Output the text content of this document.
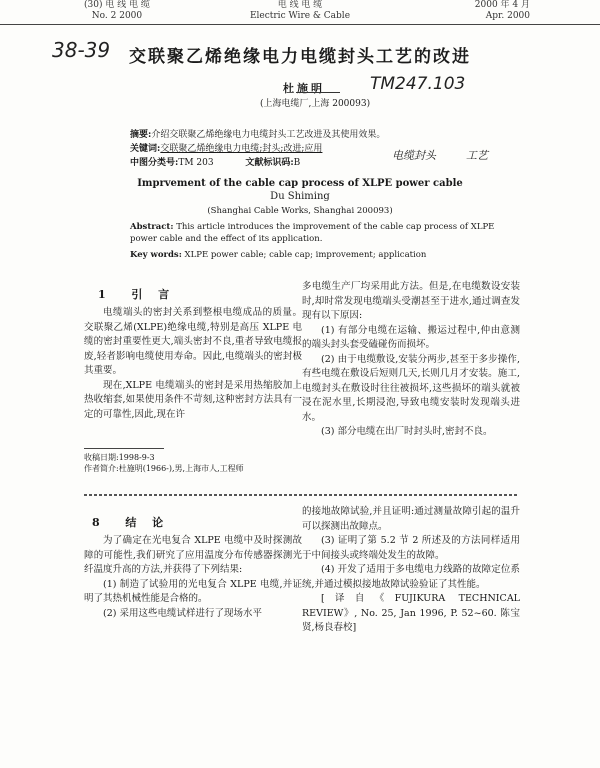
(30) 电 线 电 缆
No. 2 2000
电 线 电 缆
Electric Wire & Cable
2000 年 4 月
Apr. 2000
38-39
TM247.103
电缆封头	工艺
交联聚乙烯绝缘电力电缆封头工艺的改进
杜施明
(上海电缆厂,上海 200093)
摘要:介绍交联聚乙烯绝缘电力电缆封头工艺改进及其使用效果。
关键词:交联聚乙烯绝缘电力电缆;封头;改进;应用
中图分类号:TM 203	文献标识码:B
Imprvement of the cable cap process of XLPE power cable
Du Shiming
(Shanghai Cable Works, Shanghai 200093)
Abstract: This article introduces the improvement of the cable cap process of XLPE power cable and the effect of its application.
Key words: XLPE power cable; cable cap; improvement; application
1 引 言

电缆端头的密封关系到整根电缆成品的质量。交联聚乙烯(XLPE)绝缘电缆,特别是高压 XLPE 电缆的密封重要性更大,端头密封不良,重者导致电缆报废,轻者影响电缆使用寿命。因此,电缆端头的密封极其重要。

现在,XLPE 电缆端头的密封是采用热缩胶加上热收缩套,如果使用条件不苛刻,这种密封方法具有一定的可靠性,因此,现在许

收稿日期:1998-9-3
作者简介:杜施明(1966-),男,上海市人,工程师

多电缆生产厂均采用此方法。但是,在电缆数设安装时,却时常发现电缆端头受潮甚至于进水,通过调查发现有以下原因:

(1) 有部分电缆在运输、搬运过程中,仲由意测的端头封头套受磕碰伤而损坏。

(2) 由于电缆敷设,安装分两步,甚至于多步操作,有些电缆在敷设后短则几天,长则几月才安装。施工,电缆封头在敷设时往往被损坏,这些损坏的端头就被浸在泥水里,长期浸泡,导致电缆安装时发现端头进水。

(3) 部分电缆在出厂时封头时,密封不良。

8 结 论

为了确定在光电复合 XLPE 电缆中及时探测故障的可能性,我们研究了应用温度分布传感器探测光纤温度升高的方法,并获得了下列结果:

(1) 制造了试验用的光电复合 XLPE 电缆,并证明了其热机械性能是合格的。

(2) 采用这些电缆试样进行了现场水平

的接地故障试验,并且证明:通过测量故障引起的温升可以探测出故障点。

(3) 证明了第 5.2 节 2 所述及的方法同样适用于中间接头或终端处发生的故障。

(4) 开发了适用于多电缆电力线路的故障定位系统,并通过模拟接地故障试验验证了其性能。

[译自《FUJIKURA TECHNICAL REVIEW》, No. 25, Jan 1996, P. 52~60. 陈宝贤,杨良春校]
